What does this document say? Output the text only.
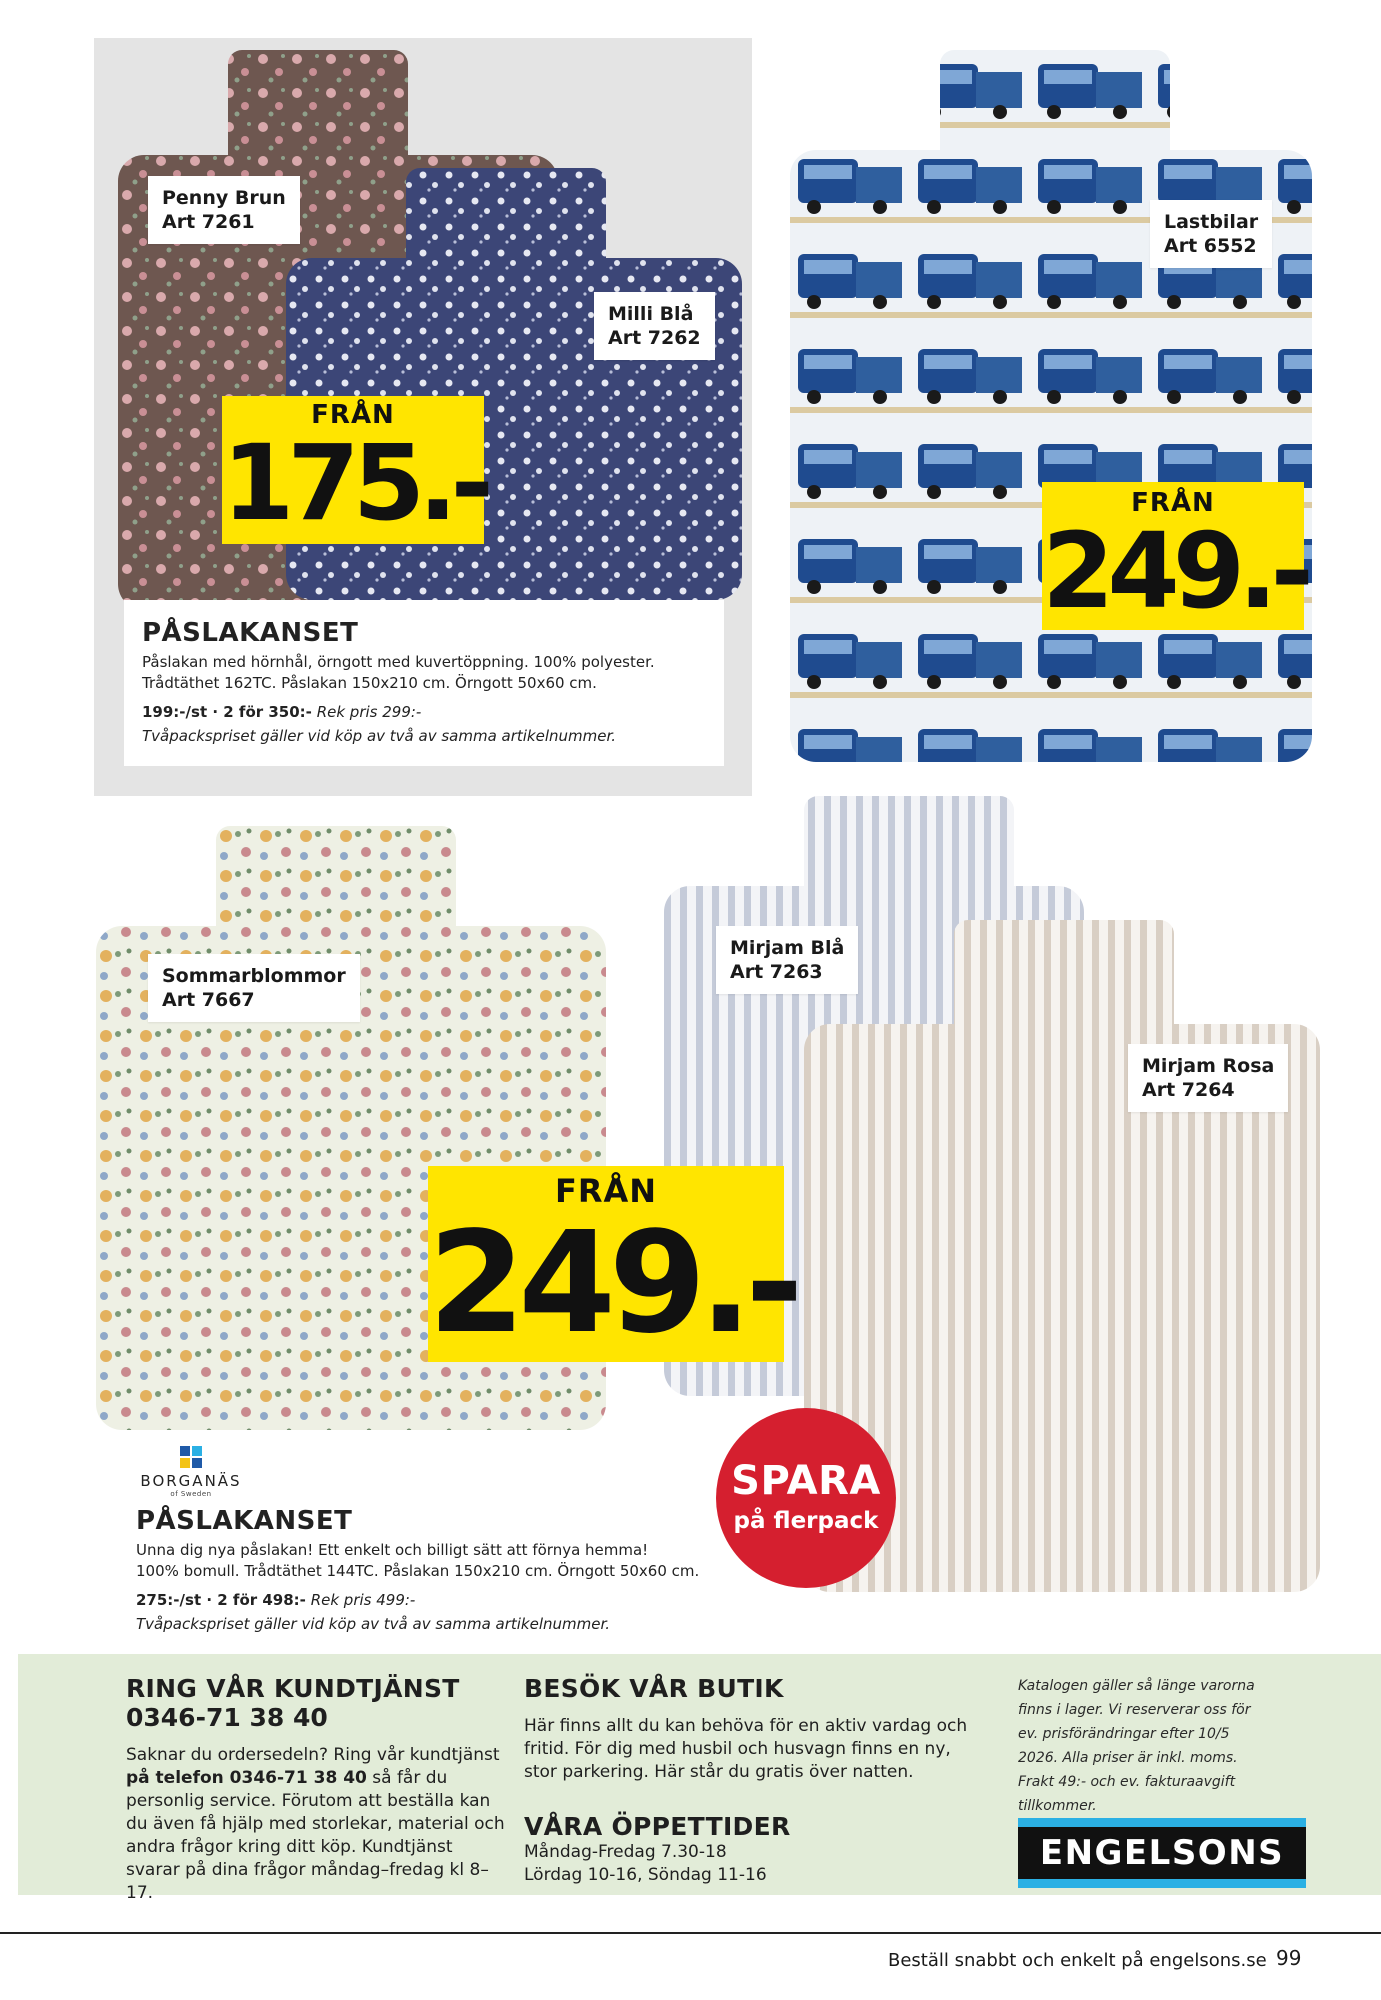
Penny Brun
Art 7261
Milli Blå
Art 7262
Lastbilar
Art 6552
FRÅN
175.-	FRÅN
249.-
PÅSLAKANSET

Påslakan med hörnhål, örngott med kuvertöppning. 100% polyester.

Trådtäthet 162TC. Påslakan 150x210 cm. Örngott 50x60 cm.

199:-/st · 2 för 350:- Rek pris 299:-
Tvåpackspriset gäller vid köp av två av samma artikelnummer.
Sommarblommor
Art 7667
Mirjam Blå
Art 7263
Mirjam Rosa
Art 7264
FRÅN
249.-
SPARA
på flerpack
BORGANÄS
of Sweden
PÅSLAKANSET

Unna dig nya påslakan! Ett enkelt och billigt sätt att förnya hemma!

100% bomull. Trådtäthet 144TC. Påslakan 150x210 cm. Örngott 50x60 cm.

275:-/st · 2 för 498:- Rek pris 499:-
Tvåpackspriset gäller vid köp av två av samma artikelnummer.
RING VÅR KUNDTJÄNST
0346-71 38 40

Saknar du ordersedeln? Ring vår kundtjänst på telefon 0346-71 38 40 så får du personlig service. Förutom att beställa kan du även få hjälp med storlekar, material och andra frågor kring ditt köp. Kundtjänst svarar på dina frågor måndag–fredag kl 8–17.

BESÖK VÅR BUTIK

Här finns allt du kan behöva för en aktiv vardag och fritid. För dig med husbil och husvagn finns en ny, stor parkering. Här står du gratis över natten.

VÅRA ÖPPETTIDER

Måndag-Fredag 7.30-18

Lördag 10-16, Söndag 11-16

Katalogen gäller så länge varorna finns i lager. Vi reserverar oss för ev. prisförändringar efter 10/5 2026. Alla priser är inkl. moms. Frakt 49:- och ev. fakturaavgift tillkommer.
ENGELSONS
Beställ snabbt och enkelt på engelsons.se 99
